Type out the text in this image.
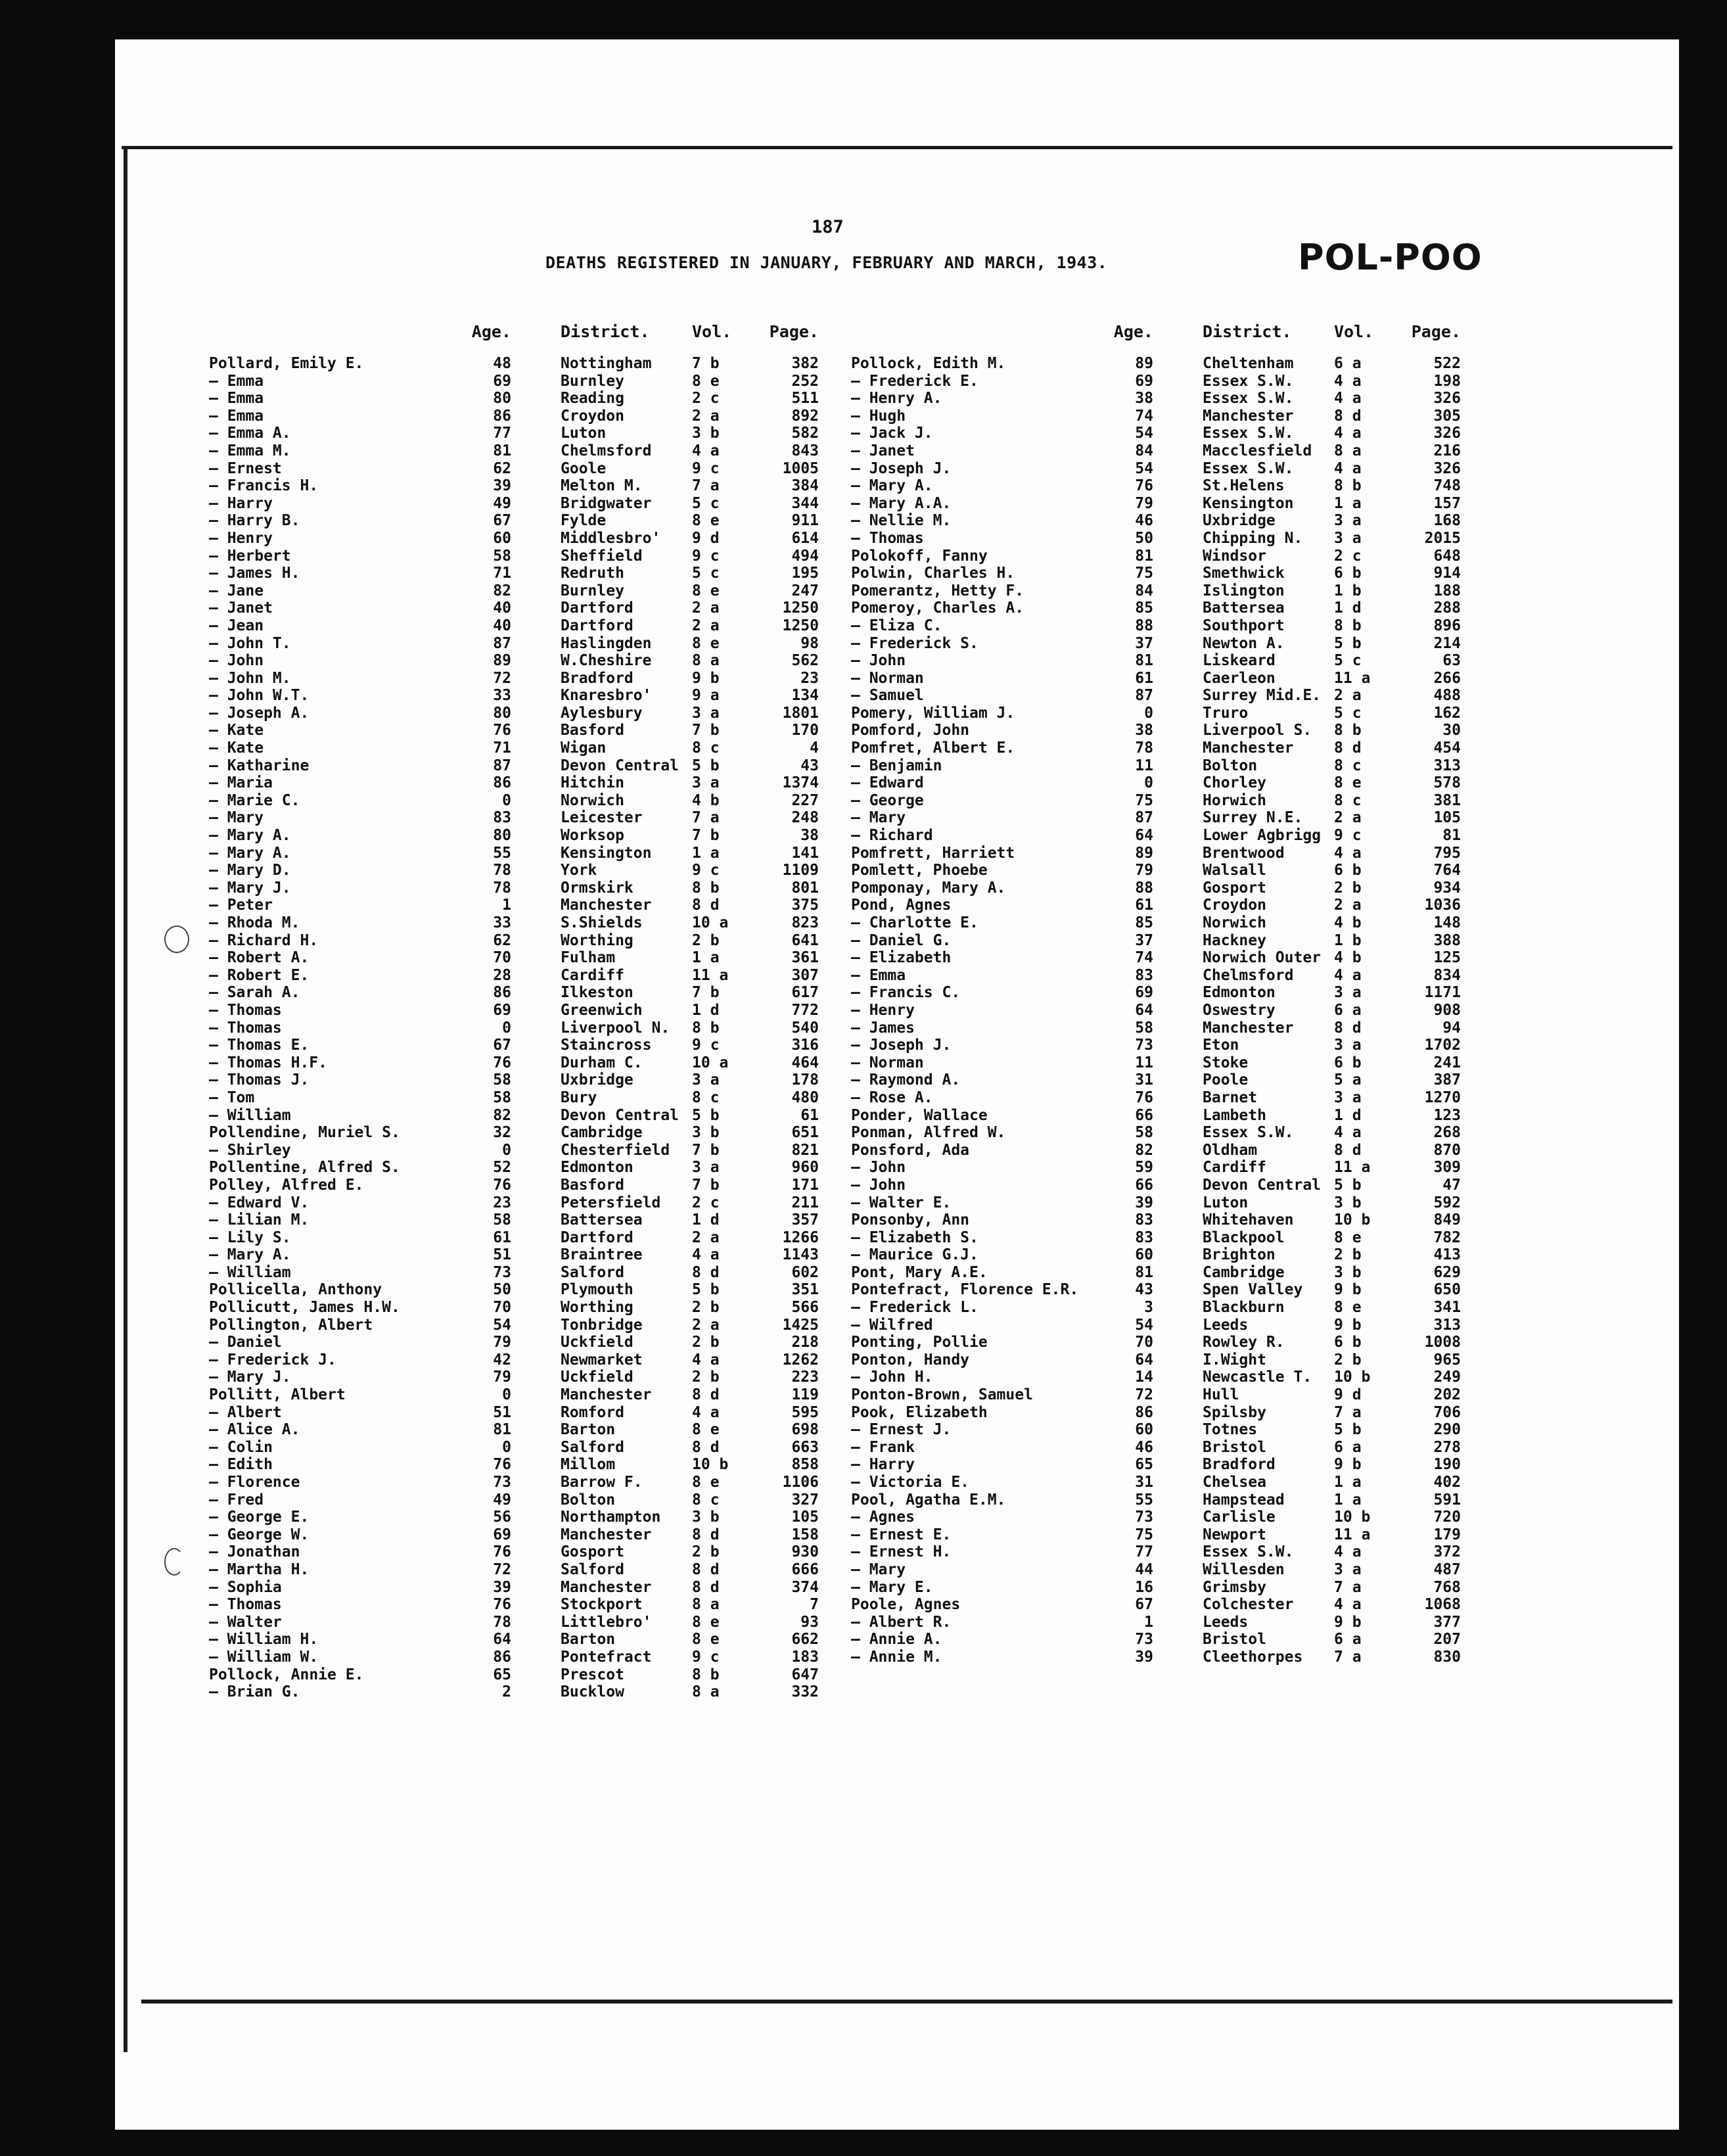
187
DEATHS REGISTERED IN JANUARY, FEBRUARY AND MARCH, 1943.	POL-POO
Age.	District.	Vol.	Page.
Pollard, Emily E.	48	Nottingham	7 b	382
— Emma	69	Burnley	8 e	252
— Emma	80	Reading	2 c	511
— Emma	86	Croydon	2 a	892
— Emma A.	77	Luton	3 b	582
— Emma M.	81	Chelmsford	4 a	843
— Ernest	62	Goole	9 c	1005
— Francis H.	39	Melton M.	7 a	384
— Harry	49	Bridgwater	5 c	344
— Harry B.	67	Fylde	8 e	911
— Henry	60	Middlesbro'	9 d	614
— Herbert	58	Sheffield	9 c	494
— James H.	71	Redruth	5 c	195
— Jane	82	Burnley	8 e	247
— Janet	40	Dartford	2 a	1250
— Jean	40	Dartford	2 a	1250
— John T.	87	Haslingden	8 e	98
— John	89	W.Cheshire	8 a	562
— John M.	72	Bradford	9 b	23
— John W.T.	33	Knaresbro'	9 a	134
— Joseph A.	80	Aylesbury	3 a	1801
— Kate	76	Basford	7 b	170
— Kate	71	Wigan	8 c	4
— Katharine	87	Devon Central 5 b	43
— Maria	86	Hitchin	3 a	1374
— Marie C.	0	Norwich	4 b	227
— Mary	83	Leicester	7 a	248
— Mary A.	80	Worksop	7 b	38
— Mary A.	55	Kensington	1 a	141
— Mary D.	78	York	9 c	1109
— Mary J.	78	Ormskirk	8 b	801
— Peter	1	Manchester	8 d	375
— Rhoda M.	33	S.Shields	10 a	823
— Richard H.	62	Worthing	2 b	641
— Robert A.	70	Fulham	1 a	361
— Robert E.	28	Cardiff	11 a	307
— Sarah A.	86	Ilkeston	7 b	617
— Thomas	69	Greenwich	1 d	772
— Thomas	0	Liverpool N.	8 b	540
— Thomas E.	67	Staincross	9 c	316
— Thomas H.F.	76	Durham C.	10 a	464
— Thomas J.	58	Uxbridge	3 a	178
— Tom	58	Bury	8 c	480
— William	82	Devon Central 5 b	61
Pollendine, Muriel S.	32	Cambridge	3 b	651
— Shirley	0	Chesterfield	7 b	821
Pollentine, Alfred S.	52	Edmonton	3 a	960
Polley, Alfred E.	76	Basford	7 b	171
— Edward V.	23	Petersfield	2 c	211
— Lilian M.	58	Battersea	1 d	357
— Lily S.	61	Dartford	2 a	1266
— Mary A.	51	Braintree	4 a	1143
— William	73	Salford	8 d	602
Pollicella, Anthony	50	Plymouth	5 b	351
Pollicutt, James H.W.	70	Worthing	2 b	566
Pollington, Albert	54	Tonbridge	2 a	1425
— Daniel	79	Uckfield	2 b	218
— Frederick J.	42	Newmarket	4 a	1262
— Mary J.	79	Uckfield	2 b	223
Pollitt, Albert	0	Manchester	8 d	119
— Albert	51	Romford	4 a	595
— Alice A.	81	Barton	8 e	698
— Colin	0	Salford	8 d	663
— Edith	76	Millom	10 b	858
— Florence	73	Barrow F.	8 e	1106
— Fred	49	Bolton	8 c	327
— George E.	56	Northampton	3 b	105
— George W.	69	Manchester	8 d	158
— Jonathan	76	Gosport	2 b	930
— Martha H.	72	Salford	8 d	666
— Sophia	39	Manchester	8 d	374
— Thomas	76	Stockport	8 a	7
— Walter	78	Littlebro'	8 e	93
— William H.	64	Barton	8 e	662
— William W.	86	Pontefract	9 c	183
Pollock, Annie E.	65	Prescot	8 b	647
— Brian G.	2	Bucklow	8 a	332
Age.	District.	Vol.	Page.
Pollock, Edith M.	89	Cheltenham	6 a	522
— Frederick E.	69	Essex S.W.	4 a	198
— Henry A.	38	Essex S.W.	4 a	326
— Hugh	74	Manchester	8 d	305
— Jack J.	54	Essex S.W.	4 a	326
— Janet	84	Macclesfield	8 a	216
— Joseph J.	54	Essex S.W.	4 a	326
— Mary A.	76	St.Helens	8 b	748
— Mary A.A.	79	Kensington	1 a	157
— Nellie M.	46	Uxbridge	3 a	168
— Thomas	50	Chipping N.	3 a	2015
Polokoff, Fanny	81	Windsor	2 c	648
Polwin, Charles H.	75	Smethwick	6 b	914
Pomerantz, Hetty F.	84	Islington	1 b	188
Pomeroy, Charles A.	85	Battersea	1 d	288
— Eliza C.	88	Southport	8 b	896
— Frederick S.	37	Newton A.	5 b	214
— John	81	Liskeard	5 c	63
— Norman	61	Caerleon	11 a	266
— Samuel	87	Surrey Mid.E. 2 a	488
Pomery, William J.	0	Truro	5 c	162
Pomford, John	38	Liverpool S.	8 b	30
Pomfret, Albert E.	78	Manchester	8 d	454
— Benjamin	11	Bolton	8 c	313
— Edward	0	Chorley	8 e	578
— George	75	Horwich	8 c	381
— Mary	87	Surrey N.E.	2 a	105
— Richard	64	Lower Agbrigg 9 c	81
Pomfrett, Harriett	89	Brentwood	4 a	795
Pomlett, Phoebe	79	Walsall	6 b	764
Pomponay, Mary A.	88	Gosport	2 b	934
Pond, Agnes	61	Croydon	2 a	1036
— Charlotte E.	85	Norwich	4 b	148
— Daniel G.	37	Hackney	1 b	388
— Elizabeth	74	Norwich Outer 4 b	125
— Emma	83	Chelmsford	4 a	834
— Francis C.	69	Edmonton	3 a	1171
— Henry	64	Oswestry	6 a	908
— James	58	Manchester	8 d	94
— Joseph J.	73	Eton	3 a	1702
— Norman	11	Stoke	6 b	241
— Raymond A.	31	Poole	5 a	387
— Rose A.	76	Barnet	3 a	1270
Ponder, Wallace	66	Lambeth	1 d	123
Ponman, Alfred W.	58	Essex S.W.	4 a	268
Ponsford, Ada	82	Oldham	8 d	870
— John	59	Cardiff	11 a	309
— John	66	Devon Central 5 b	47
— Walter E.	39	Luton	3 b	592
Ponsonby, Ann	83	Whitehaven	10 b	849
— Elizabeth S.	83	Blackpool	8 e	782
— Maurice G.J.	60	Brighton	2 b	413
Pont, Mary A.E.	81	Cambridge	3 b	629
Pontefract, Florence E.R.	43	Spen Valley	9 b	650
— Frederick L.	3	Blackburn	8 e	341
— Wilfred	54	Leeds	9 b	313
Ponting, Pollie	70	Rowley R.	6 b	1008
Ponton, Handy	64	I.Wight	2 b	965
— John H.	14	Newcastle T.	10 b	249
Ponton-Brown, Samuel	72	Hull	9 d	202
Pook, Elizabeth	86	Spilsby	7 a	706
— Ernest J.	60	Totnes	5 b	290
— Frank	46	Bristol	6 a	278
— Harry	65	Bradford	9 b	190
— Victoria E.	31	Chelsea	1 a	402
Pool, Agatha E.M.	55	Hampstead	1 a	591
— Agnes	73	Carlisle	10 b	720
— Ernest E.	75	Newport	11 a	179
— Ernest H.	77	Essex S.W.	4 a	372
— Mary	44	Willesden	3 a	487
— Mary E.	16	Grimsby	7 a	768
Poole, Agnes	67	Colchester	4 a	1068
— Albert R.	1	Leeds	9 b	377
— Annie A.	73	Bristol	6 a	207
— Annie M.	39	Cleethorpes	7 a	830
